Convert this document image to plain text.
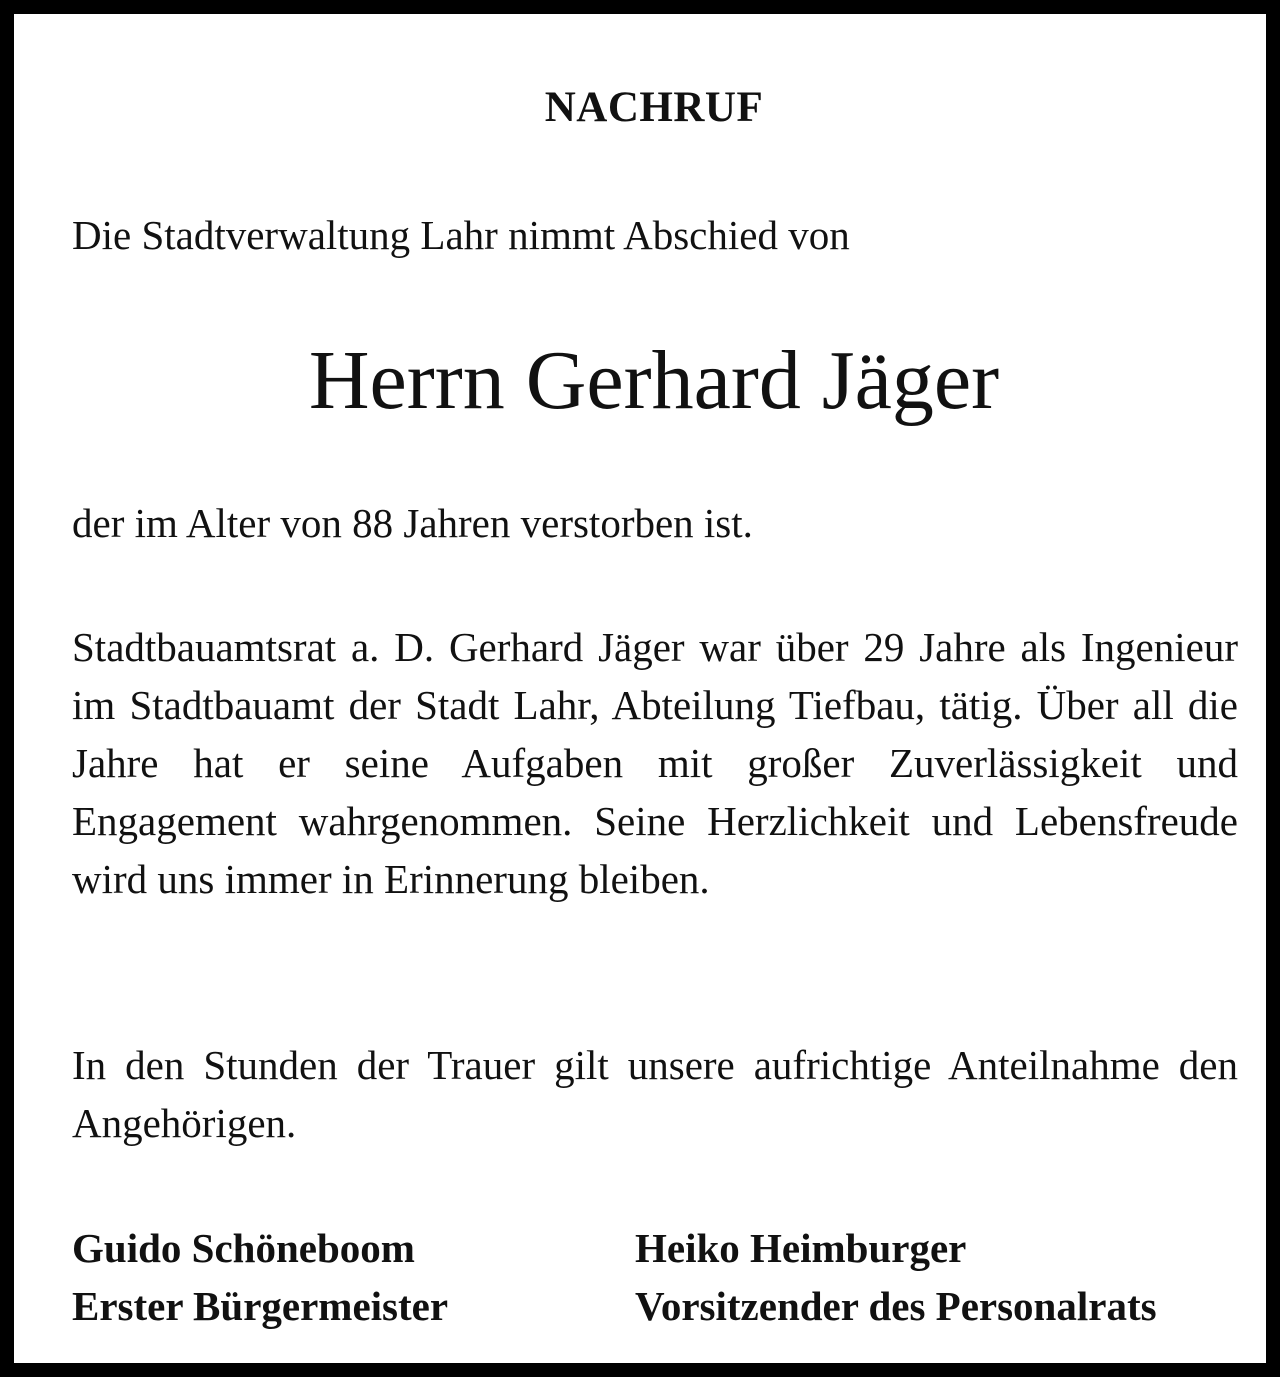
NACHRUF

Die Stadtverwaltung Lahr nimmt Abschied von

Herrn Gerhard Jäger

der im Alter von 88 Jahren verstorben ist.

Stadtbauamtsrat a. D. Gerhard Jäger war über 29 Jahre als Ingenieur im Stadtbauamt der Stadt Lahr, Abteilung Tiefbau, tätig. Über all die Jahre hat er seine Aufgaben mit großer Zuverlässigkeit und Engagement wahrgenommen. Seine Herzlichkeit und Lebensfreude wird uns immer in Erinnerung bleiben.

In den Stunden der Trauer gilt unsere aufrichtige Anteilnahme den Angehörigen.

Guido Schöneboom

Erster Bürgermeister

Heiko Heimburger

Vorsitzender des Personalrats
